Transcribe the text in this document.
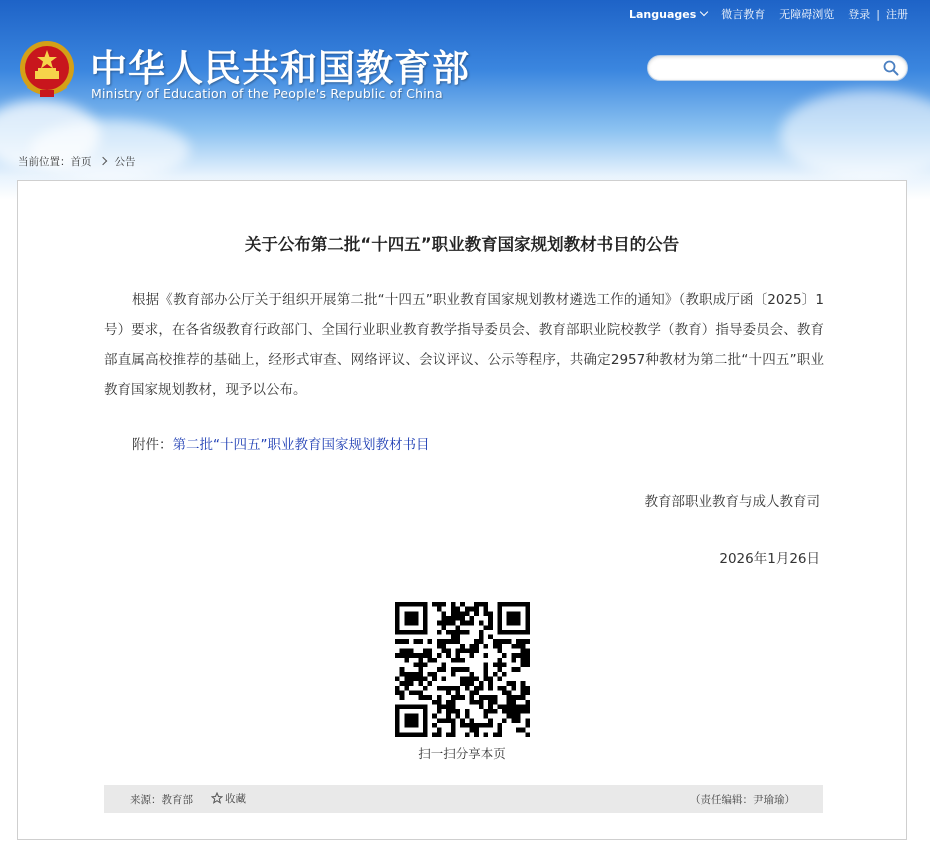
中华人民共和国教育部
Ministry of Education of the People's Republic of China
Languages	微言教育 无障碍浏览 登录 | 注册
当前位置：首页 公告
关于公布第二批“十四五”职业教育国家规划教材书目的公告
根据《教育部办公厅关于组织开展第二批“十四五”职业教育国家规划教材遴选工作的通知》（教职成厅函〔2025〕1号）要求，在各省级教育行政部门、全国行业职业教育教学指导委员会、教育部职业院校教学（教育）指导委员会、教育部直属高校推荐的基础上，经形式审查、网络评议、会议评议、公示等程序，共确定2957种教材为第二批“十四五”职业教育国家规划教材，现予以公布。
附件：第二批“十四五”职业教育国家规划教材书目
教育部职业教育与成人教育司
2026年1月26日
扫一扫分享本页
来源：教育部	收藏	（责任编辑：尹瑜瑜）
